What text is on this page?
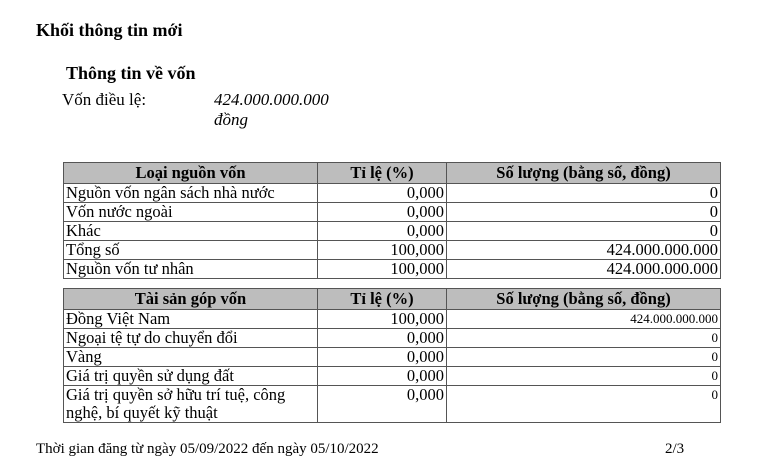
Khối thông tin mới
Thông tin về vốn
Vốn điều lệ:	424.000.000.000 đồng
Loại nguồn vốn	Tỉ lệ (%)	Số lượng (bằng số, đồng)
Nguồn vốn ngân sách nhà nước	0,000	0
Vốn nước ngoài	0,000	0
Khác	0,000	0
Tổng số	100,000	424.000.000.000
Nguồn vốn tư nhân	100,000	424.000.000.000
Tài sản góp vốn	Tỉ lệ (%)	Số lượng (bằng số, đồng)
Đồng Việt Nam	100,000	424.000.000.000
Ngoại tệ tự do chuyển đổi	0,000	0
Vàng	0,000	0
Giá trị quyền sử dụng đất	0,000	0
Giá trị quyền sở hữu trí tuệ, công nghệ, bí quyết kỹ thuật	0,000	0
Thời gian đăng từ ngày 05/09/2022 đến ngày 05/10/2022	2/3
